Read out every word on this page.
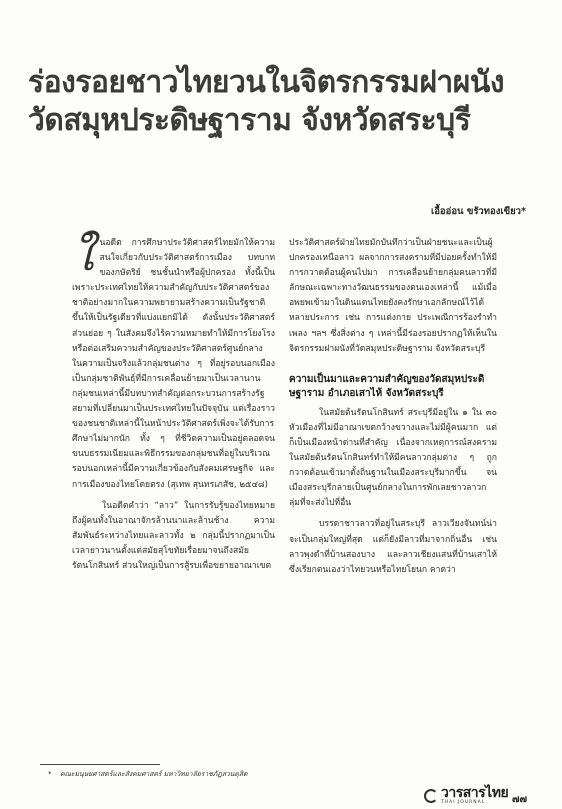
ร่องรอยชาวไทยวนในจิตรกรรมฝาผนัง
วัดสมุหประดิษฐาราม จังหวัดสระบุรี
เอื้ออ่อน ขรัวทองเขียว*

ในอดีต การศึกษาประวัติศาสตร์ไทยมักให้ความสนใจเกี่ยวกับประวัติศาสตร์การเมือง บทบาทของกษัตริย์ ชนชั้นนำหรือผู้ปกครอง ทั้งนี้เป็นเพราะประเทศไทยให้ความสำคัญกับประวัติศาสตร์ของชาติอย่างมากในความพยายามสร้างความเป็นรัฐชาติขึ้นให้เป็นรัฐเดียวที่แบ่งแยกมิได้ ดังนั้นประวัติศาสตร์ส่วนย่อย ๆ ในสังคมจึงไร้ความหมายทำให้มีการโยงโรงหรือต่อเสริมความสำคัญของประวัติศาสตร์ศูนย์กลาง ในความเป็นจริงแล้วกลุ่มชนต่าง ๆ ที่อยู่รอบนอกเมืองเป็นกลุ่มชาติพันธุ์ที่มีการเคลื่อนย้ายมาเป็นเวลานาน กลุ่มชนเหล่านี้มีบทบาทสำคัญต่อกระบวนการสร้างรัฐสยามที่เปลี่ยนมาเป็นประเทศไทยในปัจจุบัน แต่เรื่องราวของชนชาติเหล่านี้ในหน้าประวัติศาสตร์เพิ่งจะได้รับการศึกษาไม่มากนัก ทั้ง ๆ ที่ชีวิตความเป็นอยู่ตลอดจนขนบธรรมเนียมและพิธีกรรมของกลุ่มชนที่อยู่ในบริเวณรอบนอกเหล่านี้มีความเกี่ยวข้องกับสังคมเศรษฐกิจ และการเมืองของไทยโดยตรง (สุเทพ สุนทรเภสัช, ๒๕๔๘)

ในอดีตคำว่า “ลาว” ในการรับรู้ของไทยหมายถึงผู้คนทั้งในอาณาจักรล้านนาและล้านช้าง ความสัมพันธ์ระหว่างไทยและลาวทั้ง ๒ กลุ่มนี้ปรากฏมาเป็นเวลายาวนานตั้งแต่สมัยสุโขทัยเรื่อยมาจนถึงสมัยรัตนโกสินทร์ ส่วนใหญ่เป็นการสู้รบเพื่อขยายอาณาเขต

ประวัติศาสตร์ฝ่ายไทยมักบันทึกว่าเป็นฝ่ายชนะและเป็นผู้ปกครองเหนือลาว ผลจากการสงครามที่มีบ่อยครั้งทำให้มีการกวาดต้อนผู้คนไปมา การเคลื่อนย้ายกลุ่มคนลาวที่มีลักษณะเฉพาะทางวัฒนธรรมของตนเองเหล่านี้ แม้เมื่ออพยพเข้ามาในดินแดนไทยยังคงรักษาเอกลักษณ์ไว้ได้หลายประการ เช่น การแต่งกาย ประเพณีการร้องรำทำเพลง ฯลฯ ซึ่งสิ่งต่าง ๆ เหล่านี้มีร่องรอยปรากฏให้เห็นในจิตรกรรมฝาผนังที่วัดสมุหประดิษฐาราม จังหวัดสระบุรี

ความเป็นมาและความสำคัญของวัดสมุหประดิษฐาราม อำเภอเสาไห้ จังหวัดสระบุรี

ในสมัยต้นรัตนโกสินทร์ สระบุรีมีอยู่ใน ๑ ใน ๓๐ หัวเมืองที่ไม่มีอาณาเขตกว้างขวางและไม่มีผู้คนมาก แต่ก็เป็นเมืองหน้าด่านที่สำคัญ เนื่องจากเหตุการณ์สงครามในสมัยต้นรัตนโกสินทร์ทำให้มีคนลาวกลุ่มต่าง ๆ ถูกกวาดต้อนเข้ามาตั้งถิ่นฐานในเมืองสระบุรีมากขึ้น จนเมืองสระบุรีกลายเป็นศูนย์กลางในการพักเลยชาวลาวกลุ่มที่จะส่งไปที่อื่น

บรรดาชาวลาวที่อยู่ในสระบุรี ลาวเวียงจันทน์น่าจะเป็นกลุ่มใหญ่ที่สุด แต่ก็ยังมีลาวที่มาจากถิ่นอื่น เช่น ลาวพุงดำที่บ้านสองบาง และลาวเชียงแสนที่บ้านเสาไห้ซึ่งเรียกตนเองว่าไทยวนหรือไทยโยนก คาดว่า

* คณะมนุษยศาสตร์และสังคมศาสตร์ มหาวิทยาลัยราชภัฏสวนดุสิต
วารสารไทย
THAI JOURNAL	๗๗
